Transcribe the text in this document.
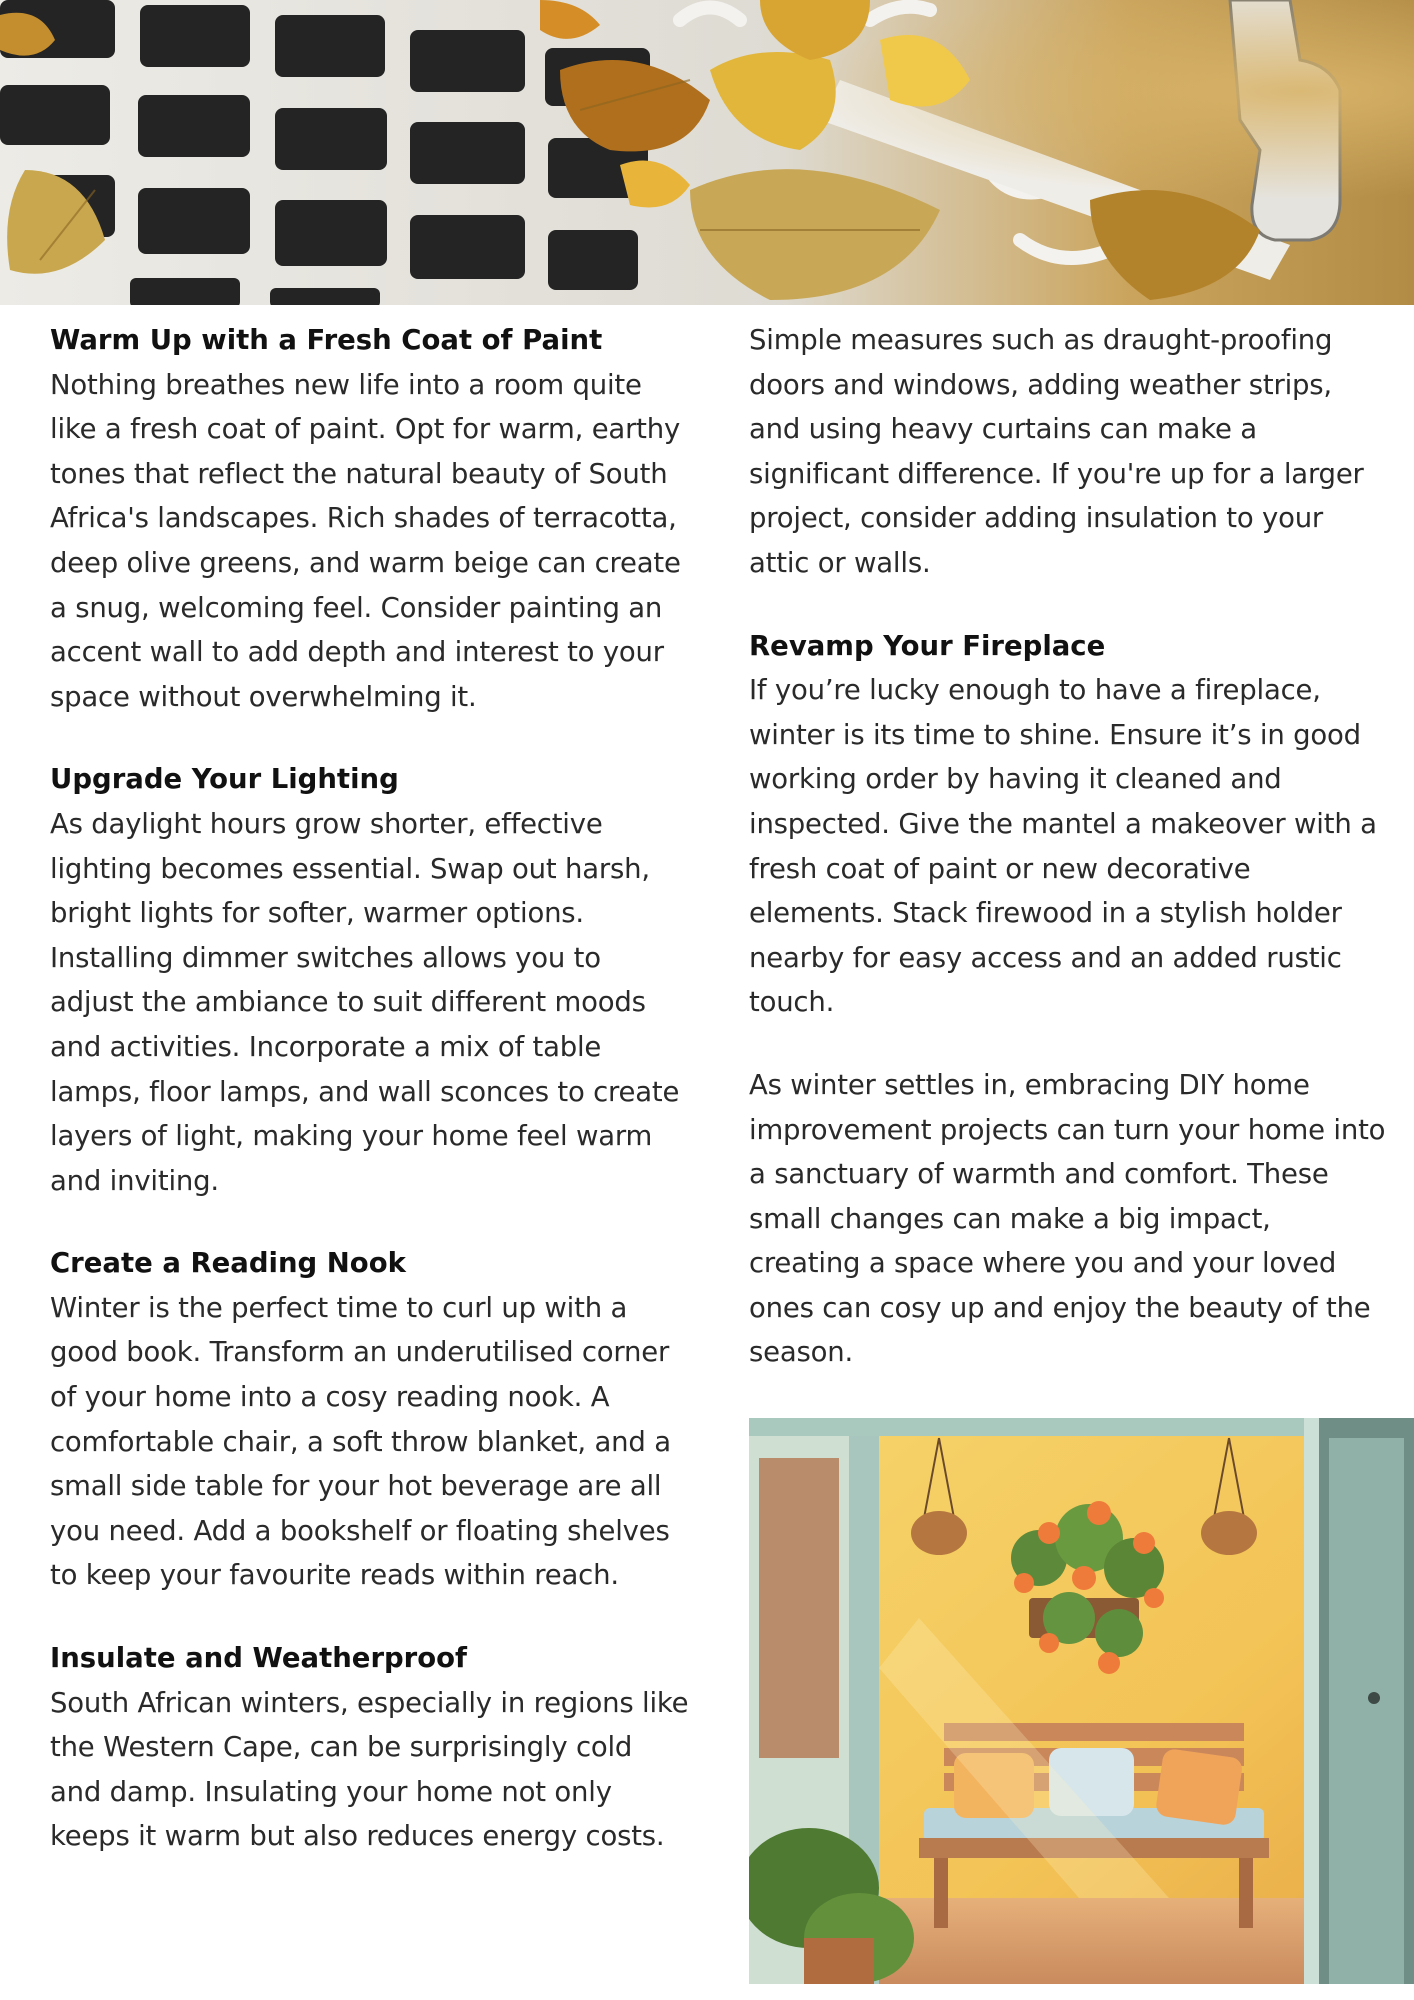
Warm Up with a Fresh Coat of Paint

Nothing breathes new life into a room quite like a fresh coat of paint. Opt for warm, earthy tones that reflect the natural beauty of South Africa's landscapes. Rich shades of terracotta, deep olive greens, and warm beige can create a snug, welcoming feel. Consider painting an accent wall to add depth and interest to your space without overwhelming it.

Upgrade Your Lighting

As daylight hours grow shorter, effective lighting becomes essential. Swap out harsh, bright lights for softer, warmer options. Installing dimmer switches allows you to adjust the ambiance to suit different moods and activities. Incorporate a mix of table lamps, floor lamps, and wall sconces to create layers of light, making your home feel warm and inviting.

Create a Reading Nook

Winter is the perfect time to curl up with a good book. Transform an underutilised corner of your home into a cosy reading nook. A comfortable chair, a soft throw blanket, and a small side table for your hot beverage are all you need. Add a bookshelf or floating shelves to keep your favourite reads within reach.

Insulate and Weatherproof

South African winters, especially in regions like the Western Cape, can be surprisingly cold and damp. Insulating your home not only keeps it warm but also reduces energy costs.

Simple measures such as draught-proofing doors and windows, adding weather strips, and using heavy curtains can make a significant difference. If you're up for a larger project, consider adding insulation to your attic or walls.

Revamp Your Fireplace

If you’re lucky enough to have a fireplace, winter is its time to shine. Ensure it’s in good working order by having it cleaned and inspected. Give the mantel a makeover with a fresh coat of paint or new decorative elements. Stack firewood in a stylish holder nearby for easy access and an added rustic touch.

As winter settles in, embracing DIY home improvement projects can turn your home into a sanctuary of warmth and comfort. These small changes can make a big impact, creating a space where you and your loved ones can cosy up and enjoy the beauty of the season.
